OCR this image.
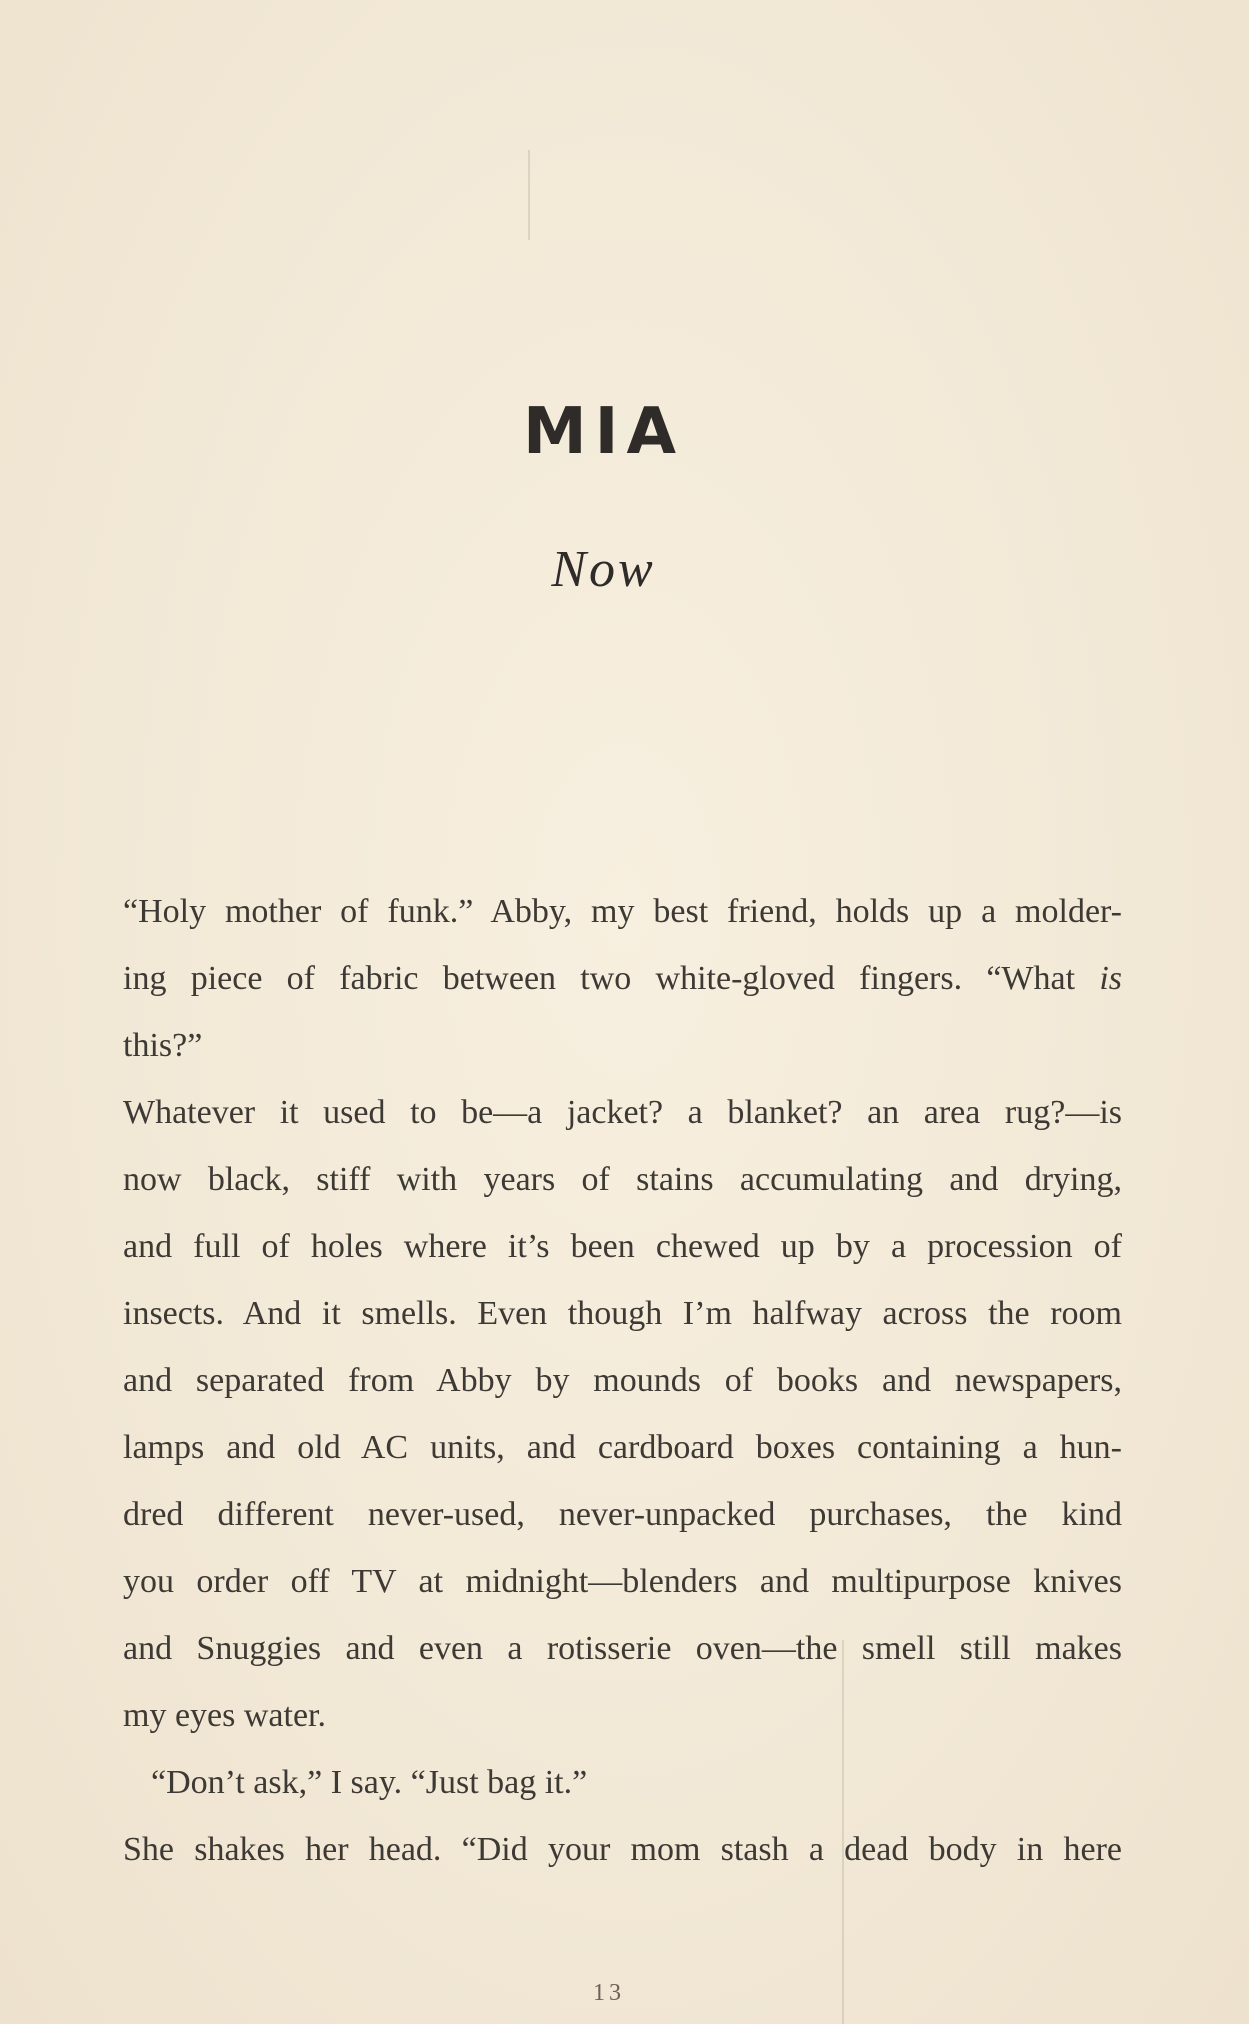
MIA
Now
“Holy mother of funk.” Abby, my best friend, holds up a molder-
ing piece of fabric between two white-gloved fingers. “What is
this?”
Whatever it used to be—a jacket? a blanket? an area rug?—is
now black, stiff with years of stains accumulating and drying,
and full of holes where it’s been chewed up by a procession of
insects. And it smells. Even though I’m halfway across the room
and separated from Abby by mounds of books and newspapers,
lamps and old AC units, and cardboard boxes containing a hun-
dred different never-used, never-unpacked purchases, the kind
you order off TV at midnight—blenders and multipurpose knives
and Snuggies and even a rotisserie oven—the smell still makes
my eyes water.
“Don’t ask,” I say. “Just bag it.”
She shakes her head. “Did your mom stash a dead body in here
13
